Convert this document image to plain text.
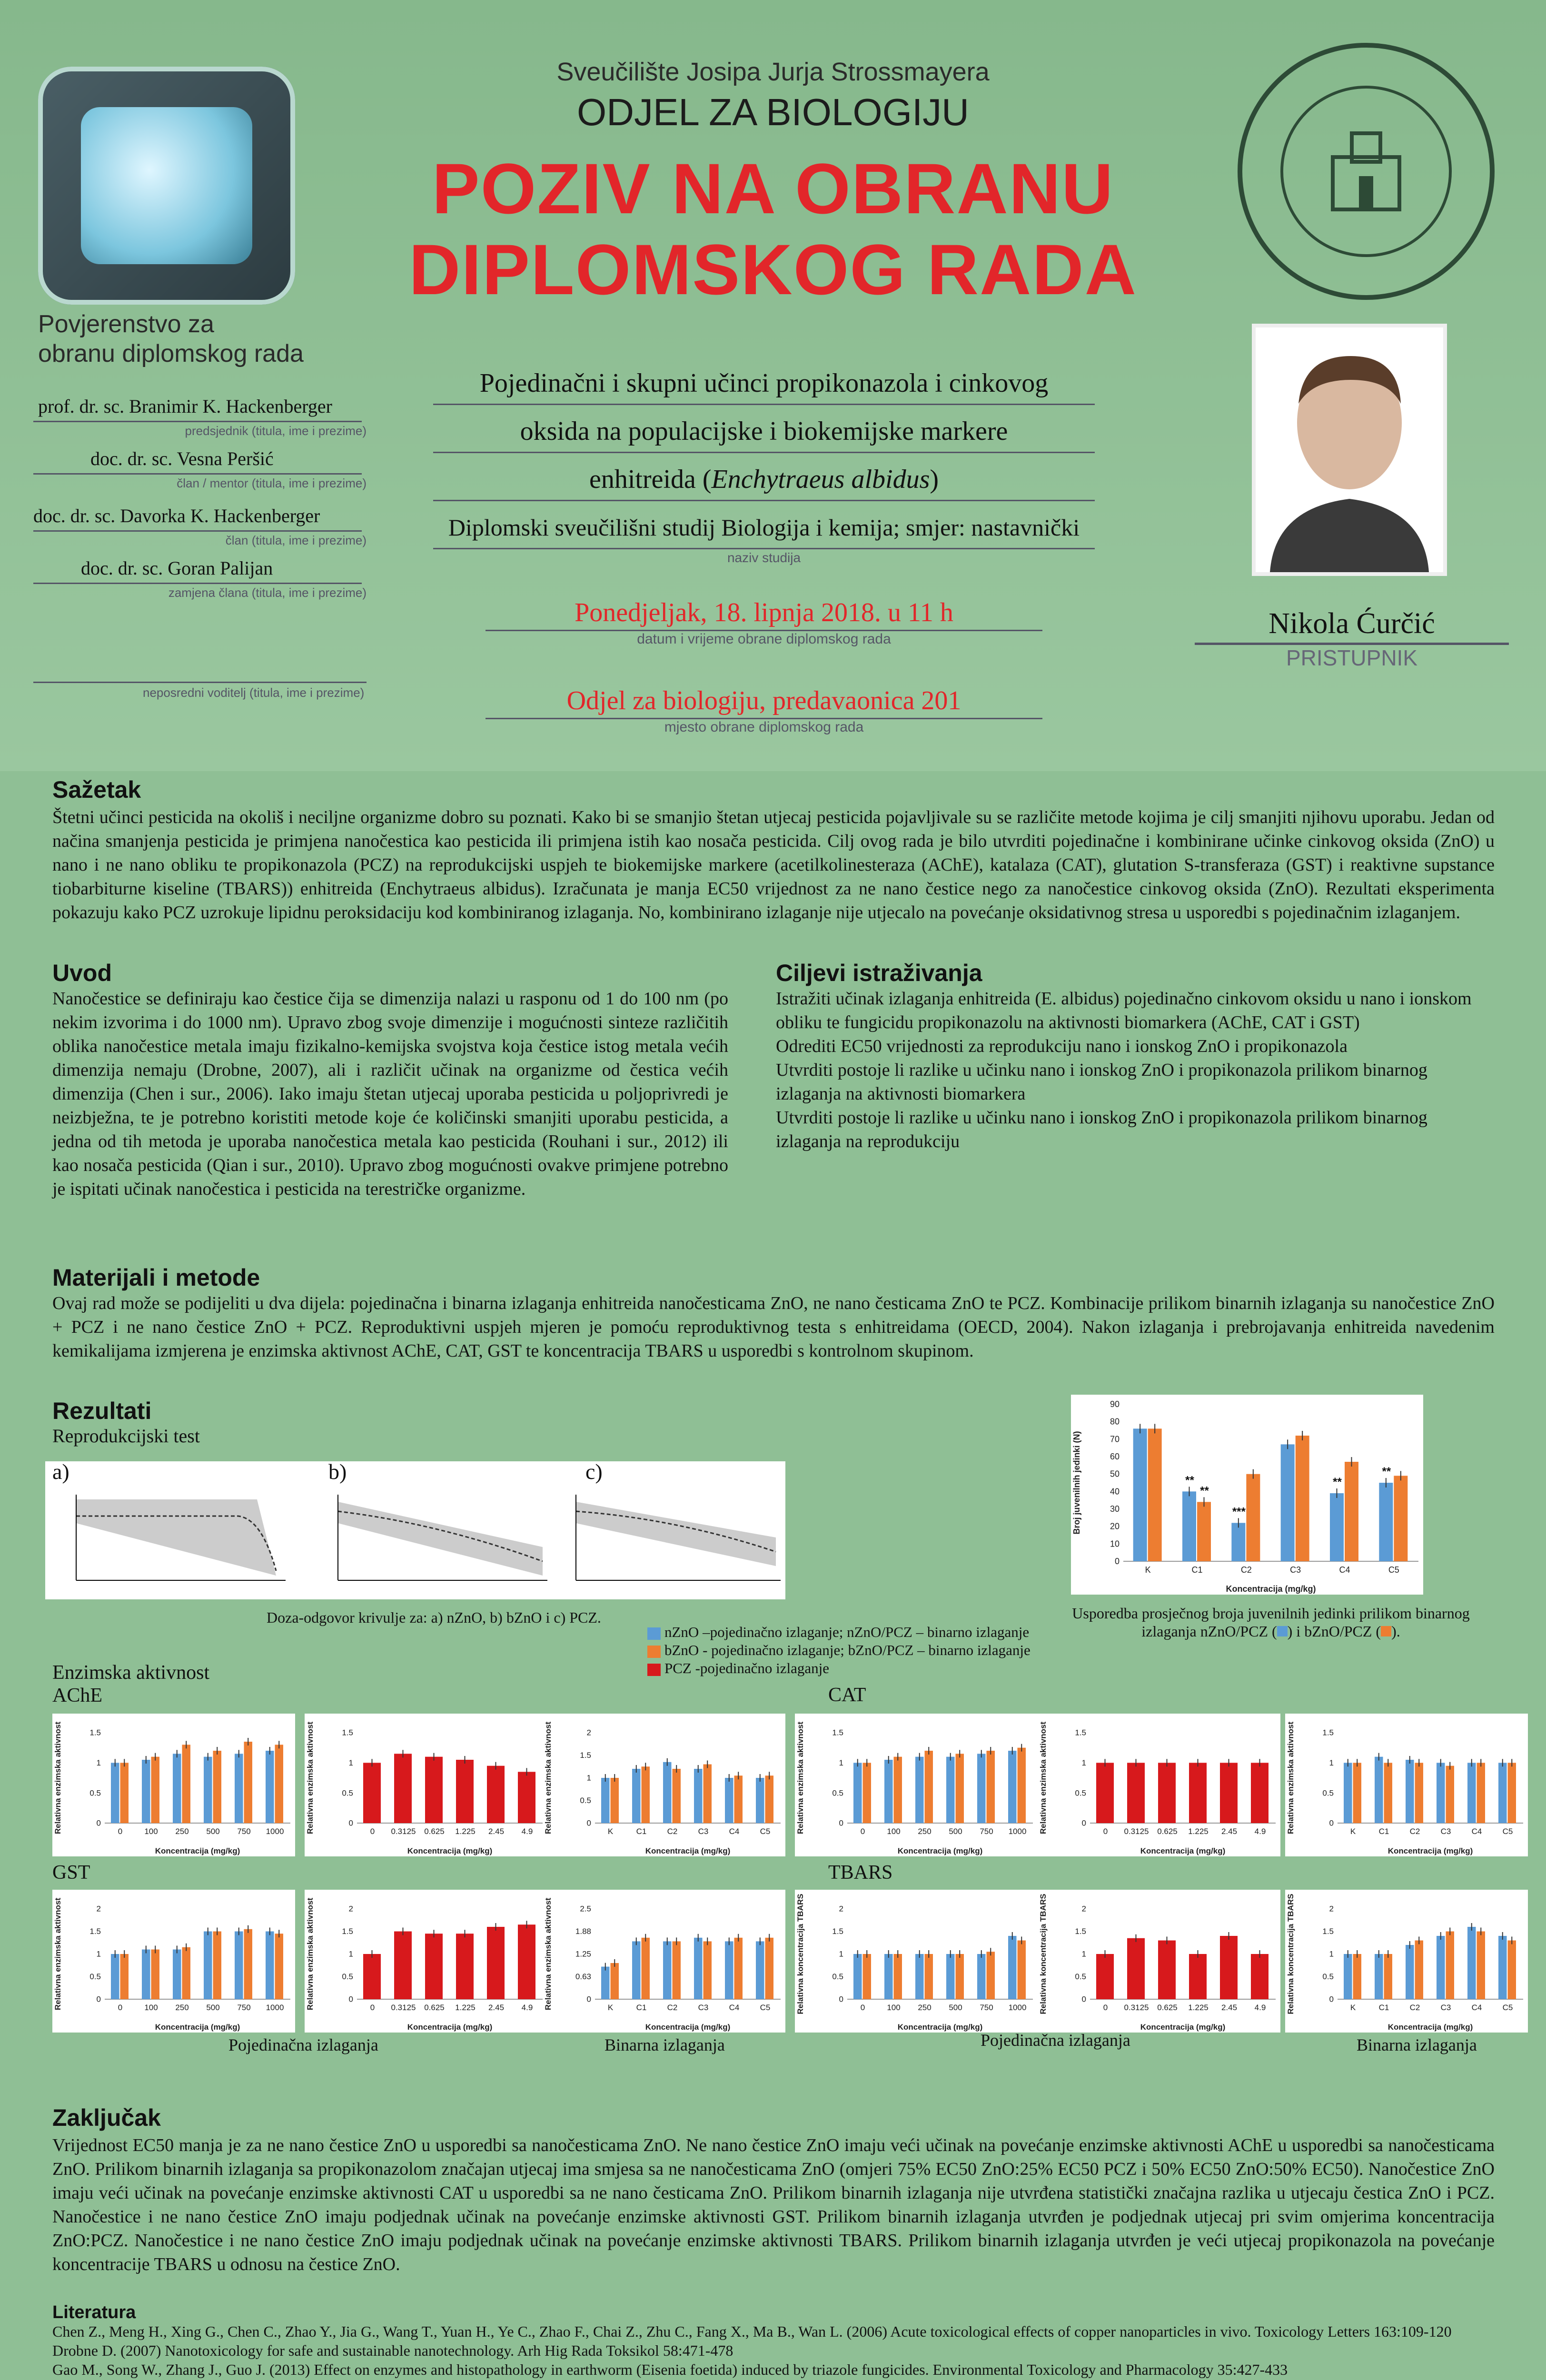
Sveučilište Josipa Jurja Strossmayera
ODJEL ZA BIOLOGIJU
POZIV NA OBRANU
DIPLOMSKOG RADA
Povjerenstvo za
obranu diplomskog rada
prof. dr. sc. Branimir K. Hackenberger
predsjednik (titula, ime i prezime)
doc. dr. sc. Vesna Peršić
član / mentor (titula, ime i prezime)
doc. dr. sc. Davorka K. Hackenberger
član (titula, ime i prezime)
doc. dr. sc. Goran Palijan
zamjena člana (titula, ime i prezime)
neposredni voditelj (titula, ime i prezime)
Pojedinačni i skupni učinci propikonazola i cinkovog
oksida na populacijske i biokemijske markere
enhitreida (Enchytraeus albidus)
Diplomski sveučilišni studij Biologija i kemija; smjer: nastavnički
naziv studija
Ponedjeljak, 18. lipnja 2018. u 11 h
datum i vrijeme obrane diplomskog rada
Odjel za biologiju, predavaonica 201
mjesto obrane diplomskog rada
Nikola Ćurčić
PRISTUPNIK
Sažetak
Štetni učinci pesticida na okoliš i neciljne organizme dobro su poznati. Kako bi se smanjio štetan utjecaj pesticida pojavljivale su se različite metode kojima je cilj smanjiti njihovu uporabu. Jedan od načina smanjenja pesticida je primjena nanočestica kao pesticida ili primjena istih kao nosača pesticida. Cilj ovog rada je bilo utvrditi pojedinačne i kombinirane učinke cinkovog oksida (ZnO) u nano i ne nano obliku te propikonazola (PCZ) na reprodukcijski uspjeh te biokemijske markere (acetilkolinesteraza (AChE), katalaza (CAT), glutation S-transferaza (GST) i reaktivne supstance tiobarbiturne kiseline (TBARS)) enhitreida (Enchytraeus albidus). Izračunata je manja EC50 vrijednost za ne nano čestice nego za nanočestice cinkovog oksida (ZnO). Rezultati eksperimenta pokazuju kako PCZ uzrokuje lipidnu peroksidaciju kod kombiniranog izlaganja. No, kombinirano izlaganje nije utjecalo na povećanje oksidativnog stresa u usporedbi s pojedinačnim izlaganjem.
Uvod
Nanočestice se definiraju kao čestice čija se dimenzija nalazi u rasponu od 1 do 100 nm (po nekim izvorima i do 1000 nm). Upravo zbog svoje dimenzije i mogućnosti sinteze različitih oblika nanočestice metala imaju fizikalno-kemijska svojstva koja čestice istog metala većih dimenzija nemaju (Drobne, 2007), ali i različit učinak na organizme od čestica većih dimenzija (Chen i sur., 2006). Iako imaju štetan utjecaj uporaba pesticida u poljoprivredi je neizbježna, te je potrebno koristiti metode koje će količinski smanjiti uporabu pesticida, a jedna od tih metoda je uporaba nanočestica metala kao pesticida (Rouhani i sur., 2012) ili kao nosača pesticida (Qian i sur., 2010). Upravo zbog mogućnosti ovakve primjene potrebno je ispitati učinak nanočestica i pesticida na terestričke organizme.
Ciljevi istraživanja
Istražiti učinak izlaganja enhitreida (E. albidus) pojedinačno cinkovom oksidu u nano i ionskom obliku te fungicidu propikonazolu na aktivnosti biomarkera (AChE, CAT i GST)
Odrediti EC50 vrijednosti za reprodukciju nano i ionskog ZnO i propikonazola
Utvrditi postoje li razlike u učinku nano i ionskog ZnO i propikonazola prilikom binarnog izlaganja na aktivnosti biomarkera
Utvrditi postoje li razlike u učinku nano i ionskog ZnO i propikonazola prilikom binarnog izlaganja na reprodukciju
Materijali i metode
Ovaj rad može se podijeliti u dva dijela: pojedinačna i binarna izlaganja enhitreida nanočesticama ZnO, ne nano česticama ZnO te PCZ. Kombinacije prilikom binarnih izlaganja su nanočestice ZnO + PCZ i ne nano čestice ZnO + PCZ. Reproduktivni uspjeh mjeren je pomoću reproduktivnog testa s enhitreidama (OECD, 2004). Nakon izlaganja i prebrojavanja enhitreida navedenim kemikalijama izmjerena je enzimska aktivnost AChE, CAT, GST te koncentracija TBARS u usporedbi s kontrolnom skupinom.
Rezultati
Reprodukcijski test
a)	b)	c)
Doza-odgovor krivulje za: a) nZnO, b) bZnO i c) PCZ.
0
10
20
30
40
50
60
70
80
90
K	C1	C2	C3	C4	C5
Koncentracija (mg/kg)
Broj juvenilnih jedinki (N)	**
**
***
**
**
Usporedba prosječnog broja juvenilnih jedinki prilikom binarnog izlaganja nZnO/PCZ ( ) i bZnO/PCZ ( ).
nZnO –pojedinačno izlaganje; nZnO/PCZ – binarno izlaganje
bZnO - pojedinačno izlaganje; bZnO/PCZ – binarno izlaganje
PCZ -pojedinačno izlaganje
Enzimska aktivnost
AChE	CAT
GST	TBARS
0
0.5
1
1.5
0	100 250 500 750 1000
Koncentracija (mg/kg)
Relativna enzimska aktivnost	0
0.5
1
1.5
0 0.3125 0.625 1.225 2.45 4.9
Koncentracija (mg/kg)
Relativna enzimska aktivnost	0
0.5
1
1.5
2
K	C1	C2	C3	C4	C5
Koncentracija (mg/kg)
Relativna enzimska aktivnost	0
0.5
1
1.5
0	100 250 500 750 1000
Koncentracija (mg/kg)
Relativna enzimska aktivnost	0
0.5
1
1.5
0 0.3125 0.625 1.225 2.45 4.9
Koncentracija (mg/kg)
Relativna enzimska aktivnost	0
0.5
1
1.5
K	C1	C2	C3	C4	C5
Koncentracija (mg/kg)
Relativna enzimska aktivnost
0
0.5
1
1.5
2
0	100 250 500 750 1000
Koncentracija (mg/kg)
Relativna enzimska aktivnost	0
0.5
1
1.5
2
0 0.3125 0.625 1.225 2.45 4.9
Koncentracija (mg/kg)
Relativna enzimska aktivnost	0
0.63
1.25
1.88
2.5
K	C1	C2	C3	C4	C5
Koncentracija (mg/kg)
Relativna enzimska aktivnost	0
0.5
1
1.5
2
0	100 250 500 750 1000
Koncentracija (mg/kg)
Relativna koncentracija TBARS	0
0.5
1
1.5
2
0 0.3125 0.625 1.225 2.45 4.9
Koncentracija (mg/kg)
Relativna koncentracija TBARS	0
0.5
1
1.5
2
K	C1	C2	C3	C4	C5
Koncentracija (mg/kg)
Relativna koncentracija TBARS
Pojedinačna izlaganja	Binarna izlaganja	Pojedinačna izlaganja	Binarna izlaganja
Zaključak
Vrijednost EC50 manja je za ne nano čestice ZnO u usporedbi sa nanočesticama ZnO. Ne nano čestice ZnO imaju veći učinak na povećanje enzimske aktivnosti AChE u usporedbi sa nanočesticama ZnO. Prilikom binarnih izlaganja sa propikonazolom značajan utjecaj ima smjesa sa ne nanočesticama ZnO (omjeri 75% EC50 ZnO:25% EC50 PCZ i 50% EC50 ZnO:50% EC50). Nanočestice ZnO imaju veći učinak na povećanje enzimske aktivnosti CAT u usporedbi sa ne nano česticama ZnO. Prilikom binarnih izlaganja nije utvrđena statistički značajna razlika u utjecaju čestica ZnO i PCZ. Nanočestice i ne nano čestice ZnO imaju podjednak učinak na povećanje enzimske aktivnosti GST. Prilikom binarnih izlaganja utvrđen je podjednak utjecaj pri svim omjerima koncentracija ZnO:PCZ. Nanočestice i ne nano čestice ZnO imaju podjednak učinak na povećanje enzimske aktivnosti TBARS. Prilikom binarnih izlaganja utvrđen je veći utjecaj propikonazola na povećanje koncentracije TBARS u odnosu na čestice ZnO.
Literatura
Chen Z., Meng H., Xing G., Chen C., Zhao Y., Jia G., Wang T., Yuan H., Ye C., Zhao F., Chai Z., Zhu C., Fang X., Ma B., Wan L. (2006) Acute toxicological effects of copper nanoparticles in vivo. Toxicology Letters 163:109-120
Drobne D. (2007) Nanotoxicology for safe and sustainable nanotechnology. Arh Hig Rada Toksikol 58:471-478
Gao M., Song W., Zhang J., Guo J. (2013) Effect on enzymes and histopathology in earthworm (Eisenia foetida) induced by triazole fungicides. Environmental Toxicology and Pharmacology 35:427-433
